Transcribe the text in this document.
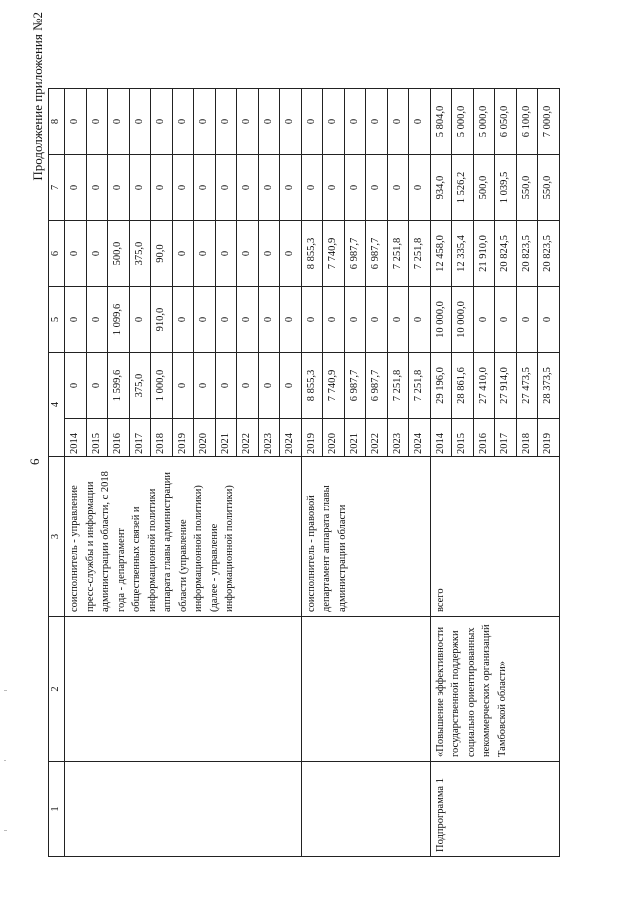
6
Продолжение приложения №2
1	2	3	4		5	6	7	8
		соисполнитель - управление пресс-службы и информации администрации области, с 2018 года - департамент общественных связей и информационной политики аппарата главы администрации области (управление информационной политики) (далее - управление информационной политики)	2014	0	0	0	0	0
			2015	0	0	0	0	0
			2016	1 599,6	1 099,6	500,0	0	0
			2017	375,0	0	375,0	0	0
			2018	1 000,0	910,0	90,0	0	0
			2019	0	0	0	0	0
			2020	0	0	0	0	0
			2021	0	0	0	0	0
			2022	0	0	0	0	0
			2023	0	0	0	0	0
			2024	0	0	0	0	0
		соисполнитель - правовой департамент аппарата главы администрации области	2019	8 855,3	0	8 855,3	0	0
			2020	7 740,9	0	7 740,9	0	0
			2021	6 987,7	0	6 987,7	0	0
			2022	6 987,7	0	6 987,7	0	0
			2023	7 251,8	0	7 251,8	0	0
			2024	7 251,8	0	7 251,8	0	0
Подпрограмма 1	«Повышение эффективности государственной поддержки социально ориентированных некоммерческих организаций Тамбовской области»	всего	2014	29 196,0	10 000,0	12 458,0	934,0	5 804,0
			2015	28 861,6	10 000,0	12 335,4	1 526,2	5 000,0
			2016	27 410,0	0	21 910,0	500,0	5 000,0
			2017	27 914,0	0	20 824,5	1 039,5	6 050,0
			2018	27 473,5	0	20 823,5	550,0	6 100,0
			2019	28 373,5	0	20 823,5	550,0	7 000,0
